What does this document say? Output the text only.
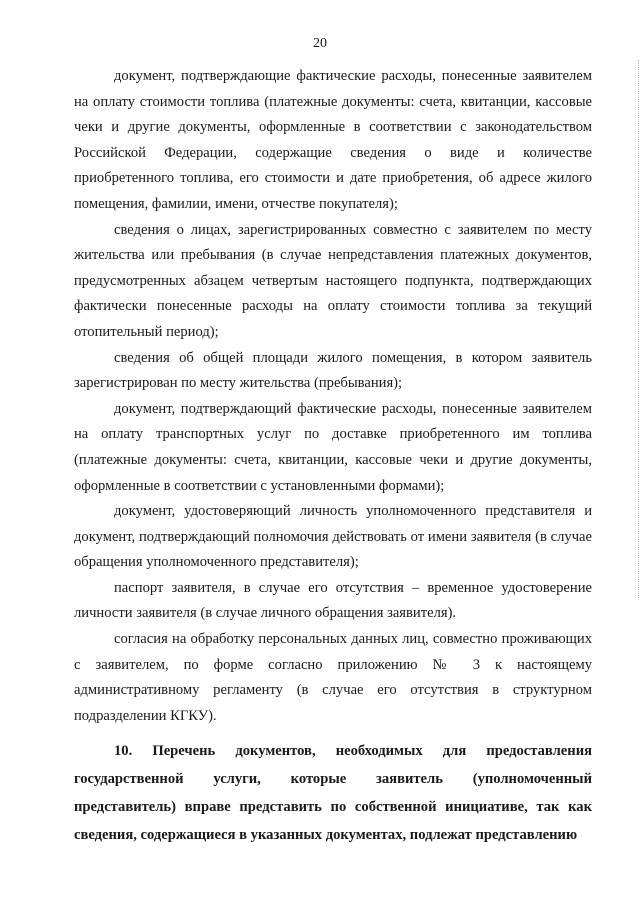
20

документ, подтверждающие фактические расходы, понесенные заявителем на оплату стоимости топлива (платежные документы: счета, квитанции, кассовые чеки и другие документы, оформленные в соответствии с законодательством Российской Федерации, содержащие сведения о виде и количестве приобретенного топлива, его стоимости и дате приобретения, об адресе жилого помещения, фамилии, имени, отчестве покупателя);

сведения о лицах, зарегистрированных совместно с заявителем по месту жительства или пребывания (в случае непредставления платежных документов, предусмотренных абзацем четвертым настоящего подпункта, подтверждающих фактически понесенные расходы на оплату стоимости топлива за текущий отопительный период);

сведения об общей площади жилого помещения, в котором заявитель зарегистрирован по месту жительства (пребывания);

документ, подтверждающий фактические расходы, понесенные заявителем на оплату транспортных услуг по доставке приобретенного им топлива (платежные документы: счета, квитанции, кассовые чеки и другие документы, оформленные в соответствии с установленными формами);

документ, удостоверяющий личность уполномоченного представителя и документ, подтверждающий полномочия действовать от имени заявителя (в случае обращения уполномоченного представителя);

паспорт заявителя, в случае его отсутствия – временное удостоверение личности заявителя (в случае личного обращения заявителя).

согласия на обработку персональных данных лиц, совместно проживающих с заявителем, по форме согласно приложению № 3 к настоящему административному регламенту (в случае его отсутствия в структурном подразделении КГКУ).

10. Перечень документов, необходимых для предоставления государственной услуги, которые заявитель (уполномоченный представитель) вправе представить по собственной инициативе, так как сведения, содержащиеся в указанных документах, подлежат представлению
